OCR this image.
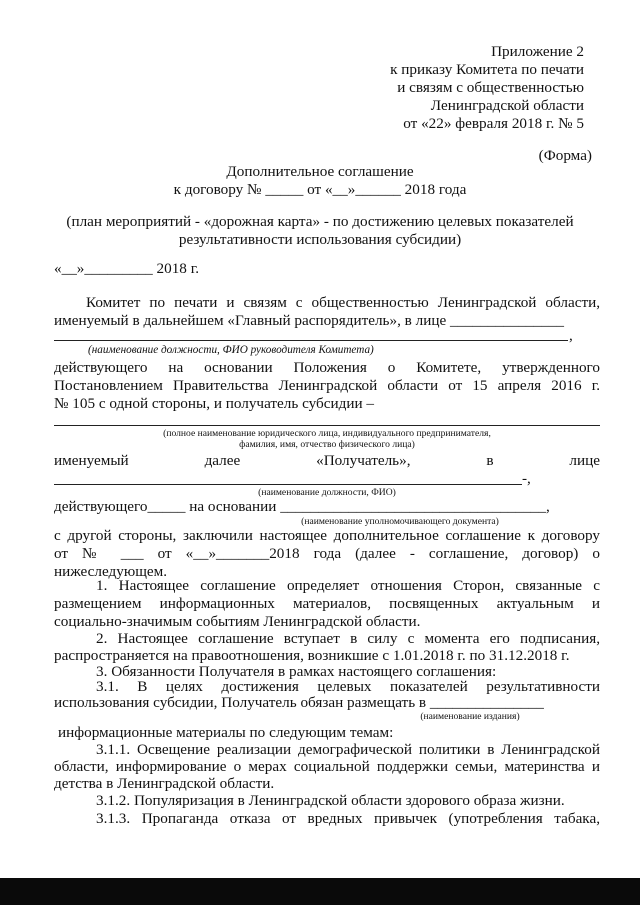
Приложение 2
к приказу Комитета по печати
и связям с общественностью
Ленинградской области
от «22» февраля 2018 г. № 5
(Форма)
Дополнительное соглашение
к договору № _____ от «__»______ 2018 года
(план мероприятий - «дорожная карта» - по достижению целевых показателей
результативности использования субсидии)
«__»_________ 2018 г.
Комитет по печати и связям с общественностью Ленинградской области,
именуемый в дальнейшем «Главный распорядитель», в лице _______________
,
(наименование должности, ФИО руководителя Комитета)
действующего на основании Положения о Комитете, утвержденного
Постановлением Правительства Ленинградской области от 15 апреля 2016 г.
№ 105 с одной стороны, и получатель субсидии –
(полное наименование юридического лица, индивидуального предпринимателя,
фамилия, имя, отчество физического лица)
именуемый далее «Получатель», в лице
-,
(наименование должности, ФИО)
действующего_____ на основании ___________________________________,
(наименование уполномочивающего документа)
с другой стороны, заключили настоящее дополнительное соглашение к договору
от № ___ от «__»_______2018 года (далее - соглашение, договор) о
нижеследующем.
1. Настоящее соглашение определяет отношения Сторон, связанные с
размещением информационных материалов, посвященных актуальным и
социально-значимым событиям Ленинградской области.
2. Настоящее соглашение вступает в силу с момента его подписания,
распространяется на правоотношения, возникшие с 1.01.2018 г. по 31.12.2018 г.
3. Обязанности Получателя в рамках настоящего соглашения:
3.1. В целях достижения целевых показателей результативности
использования субсидии, Получатель обязан размещать в _______________
(наименование издания)
информационные материалы по следующим темам:
3.1.1. Освещение реализации демографической политики в Ленинградской
области, информирование о мерах социальной поддержки семьи, материнства и
детства в Ленинградской области.
3.1.2. Популяризация в Ленинградской области здорового образа жизни.
3.1.3. Пропаганда отказа от вредных привычек (употребления табака,
